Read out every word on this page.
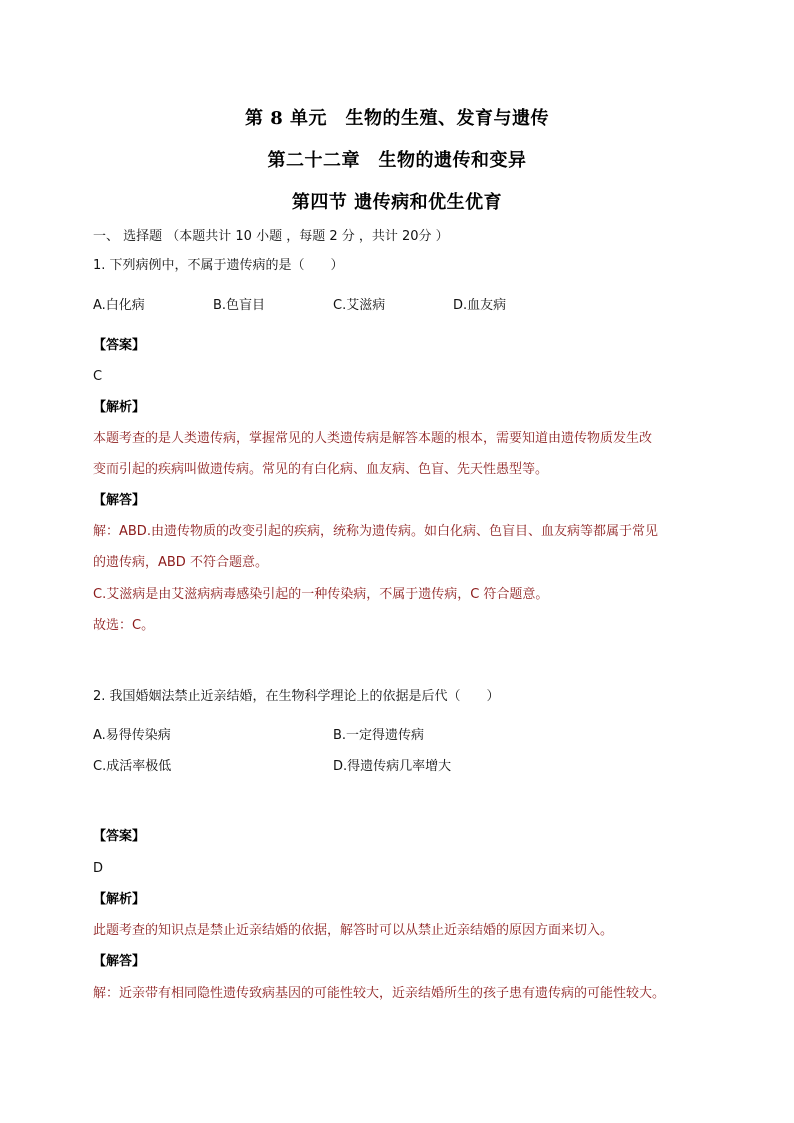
第 8 单元　生物的生殖、发育与遗传
第二十二章　生物的遗传和变异
第四节 遗传病和优生优育
一、 选择题 （本题共计 10 小题 ，每题 2 分 ，共计 20分 ）
1. 下列病例中，不属于遗传病的是（　　）
A.白化病	B.色盲目	C.艾滋病	D.血友病
【答案】
C
【解析】
本题考查的是人类遗传病，掌握常见的人类遗传病是解答本题的根本，需要知道由遗传物质发生改
变而引起的疾病叫做遗传病。常见的有白化病、血友病、色盲、先天性愚型等。
【解答】
解：ABD.由遗传物质的改变引起的疾病，统称为遗传病。如白化病、色盲目、血友病等都属于常见
的遗传病，ABD 不符合题意。
C.艾滋病是由艾滋病病毒感染引起的一种传染病，不属于遗传病，C 符合题意。
故选：C。
2. 我国婚姻法禁止近亲结婚，在生物科学理论上的依据是后代（　　）
A.易得传染病	B.一定得遗传病
C.成活率极低	D.得遗传病几率增大
【答案】
D
【解析】
此题考查的知识点是禁止近亲结婚的依据，解答时可以从禁止近亲结婚的原因方面来切入。
【解答】
解：近亲带有相同隐性遗传致病基因的可能性较大，近亲结婚所生的孩子患有遗传病的可能性较大。
